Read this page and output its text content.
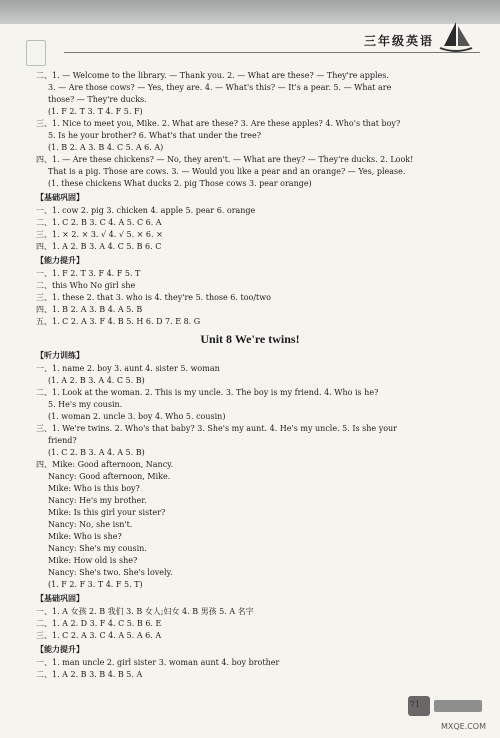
三年级英语
二、1. — Welcome to the library. — Thank you. 2. — What are these? — They're apples.
3. — Are those cows? — Yes, they are. 4. — What's this? — It's a pear. 5. — What are
those? — They're ducks.
(1. F 2. T 3. T 4. F 5. F)
三、1. Nice to meet you, Mike. 2. What are these? 3. Are these apples? 4. Who's that boy?
5. Is he your brother? 6. What's that under the tree?
(1. B 2. A 3. B 4. C 5. A 6. A)
四、1. — Are these chickens? — No, they aren't. — What are they? — They're ducks. 2. Look!
That is a pig. Those are cows. 3. — Would you like a pear and an orange? — Yes, please.
(1. these chickens What ducks 2. pig Those cows 3. pear orange)
【 基础巩固 】
一、1. cow 2. pig 3. chicken 4. apple 5. pear 6. orange
二、1. C 2. B 3. C 4. A 5. C 6. A
三、1. × 2. × 3. √ 4. √ 5. × 6. ×
四、1. A 2. B 3. A 4. C 5. B 6. C
【 能力提升 】
一、1. F 2. T 3. F 4. F 5. T
二、this Who No girl she
三、1. these 2. that 3. who is 4. they're 5. those 6. too/two
四、1. B 2. A 3. B 4. A 5. B
五、1. C 2. A 3. F 4. B 5. H 6. D 7. E 8. G
Unit 8 We're twins!
【 听力训练 】
一、1. name 2. boy 3. aunt 4. sister 5. woman
(1. A 2. B 3. A 4. C 5. B)
二、1. Look at the woman. 2. This is my uncle. 3. The boy is my friend. 4. Who is he?
5. He's my cousin.
(1. woman 2. uncle 3. boy 4. Who 5. cousin)
三、1. We're twins. 2. Who's that baby? 3. She's my aunt. 4. He's my uncle. 5. Is she your
friend?
(1. C 2. B 3. A 4. A 5. B)
四、Mike: Good afternoon, Nancy.
Nancy: Good afternoon, Mike.
Mike: Who is this boy?
Nancy: He's my brother.
Mike: Is this girl your sister?
Nancy: No, she isn't.
Mike: Who is she?
Nancy: She's my cousin.
Mike: How old is she?
Nancy: She's two. She's lovely.
(1. F 2. F 3. T 4. F 5. T)
【 基础巩固 】
一、1. A 女孩 2. B 我们 3. B 女人;妇女 4. B 男孩 5. A 名字
二、1. A 2. D 3. F 4. C 5. B 6. E
三、1. C 2. A 3. C 4. A 5. A 6. A
【 能力提升 】
一、1. man uncle 2. girl sister 3. woman aunt 4. boy brother
二、1. A 2. B 3. B 4. B 5. A
MXQE.COM
